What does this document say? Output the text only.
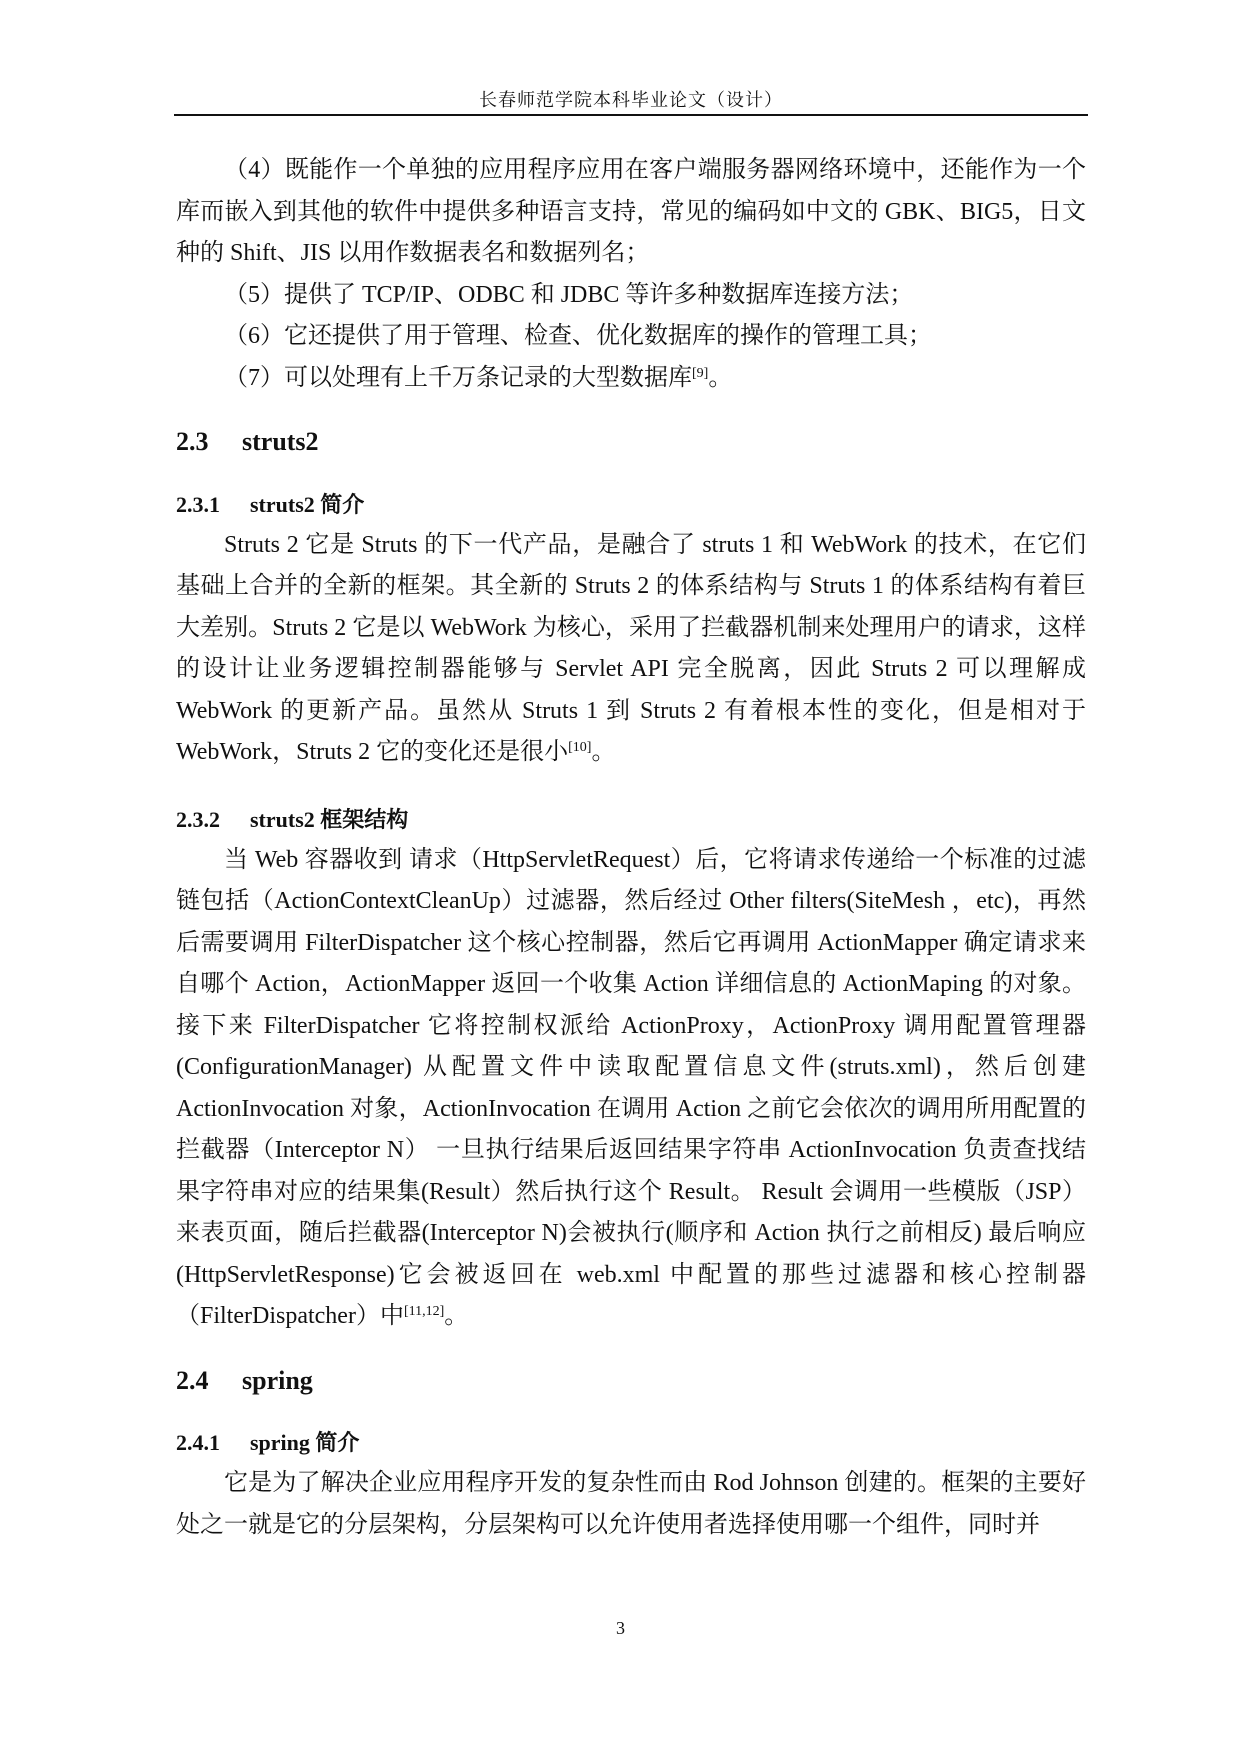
长春师范学院本科毕业论文（设计）

（4）既能作一个单独的应用程序应用在客户端服务器网络环境中，还能作为一个库而嵌入到其他的软件中提供多种语言支持，常见的编码如中文的 GBK、BIG5，日文种的 Shift、JIS 以用作数据表名和数据列名；

（5）提供了 TCP/IP、ODBC 和 JDBC 等许多种数据库连接方法；

（6）它还提供了用于管理、检查、优化数据库的操作的管理工具；

（7）可以处理有上千万条记录的大型数据库[9]。

2.3 struts2
2.3.1 struts2 简介

Struts 2 它是 Struts 的下一代产品，是融合了 struts 1 和 WebWork 的技术，在它们基础上合并的全新的框架。其全新的 Struts 2 的体系结构与 Struts 1 的体系结构有着巨大差别。Struts 2 它是以 WebWork 为核心，采用了拦截器机制来处理用户的请求，这样的设计让业务逻辑控制器能够与 Servlet API 完全脱离，因此 Struts 2 可以理解成 WebWork 的更新产品。虽然从 Struts 1 到 Struts 2 有着根本性的变化，但是相对于 WebWork，Struts 2 它的变化还是很小[10]。

2.3.2 struts2 框架结构

当 Web 容器收到 请求（HttpServletRequest）后，它将请求传递给一个标准的过滤链包括（ActionContextCleanUp）过滤器，然后经过 Other filters(SiteMesh ，etc)，再然后需要调用 FilterDispatcher 这个核心控制器，然后它再调用 ActionMapper 确定请求来自哪个 Action，ActionMapper 返回一个收集 Action 详细信息的 ActionMaping 的对象。接下来 FilterDispatcher 它将控制权派给 ActionProxy，ActionProxy 调用配置管理器(ConfigurationManager) 从配置文件中读取配置信息文件(struts.xml)，然后创建 ActionInvocation 对象，ActionInvocation 在调用 Action 之前它会依次的调用所用配置的拦截器（Interceptor N） 一旦执行结果后返回结果字符串 ActionInvocation 负责查找结果字符串对应的结果集(Result）然后执行这个 Result。 Result 会调用一些模版（JSP）来表页面，随后拦截器(Interceptor N)会被执行(顺序和 Action 执行之前相反) 最后响应(HttpServletResponse)它会被返回在 web.xml 中配置的那些过滤器和核心控制器（FilterDispatcher）中[11,12]。

2.4 spring
2.4.1 spring 简介

它是为了解决企业应用程序开发的复杂性而由 Rod Johnson 创建的。框架的主要好处之一就是它的分层架构，分层架构可以允许使用者选择使用哪一个组件，同时并

3
